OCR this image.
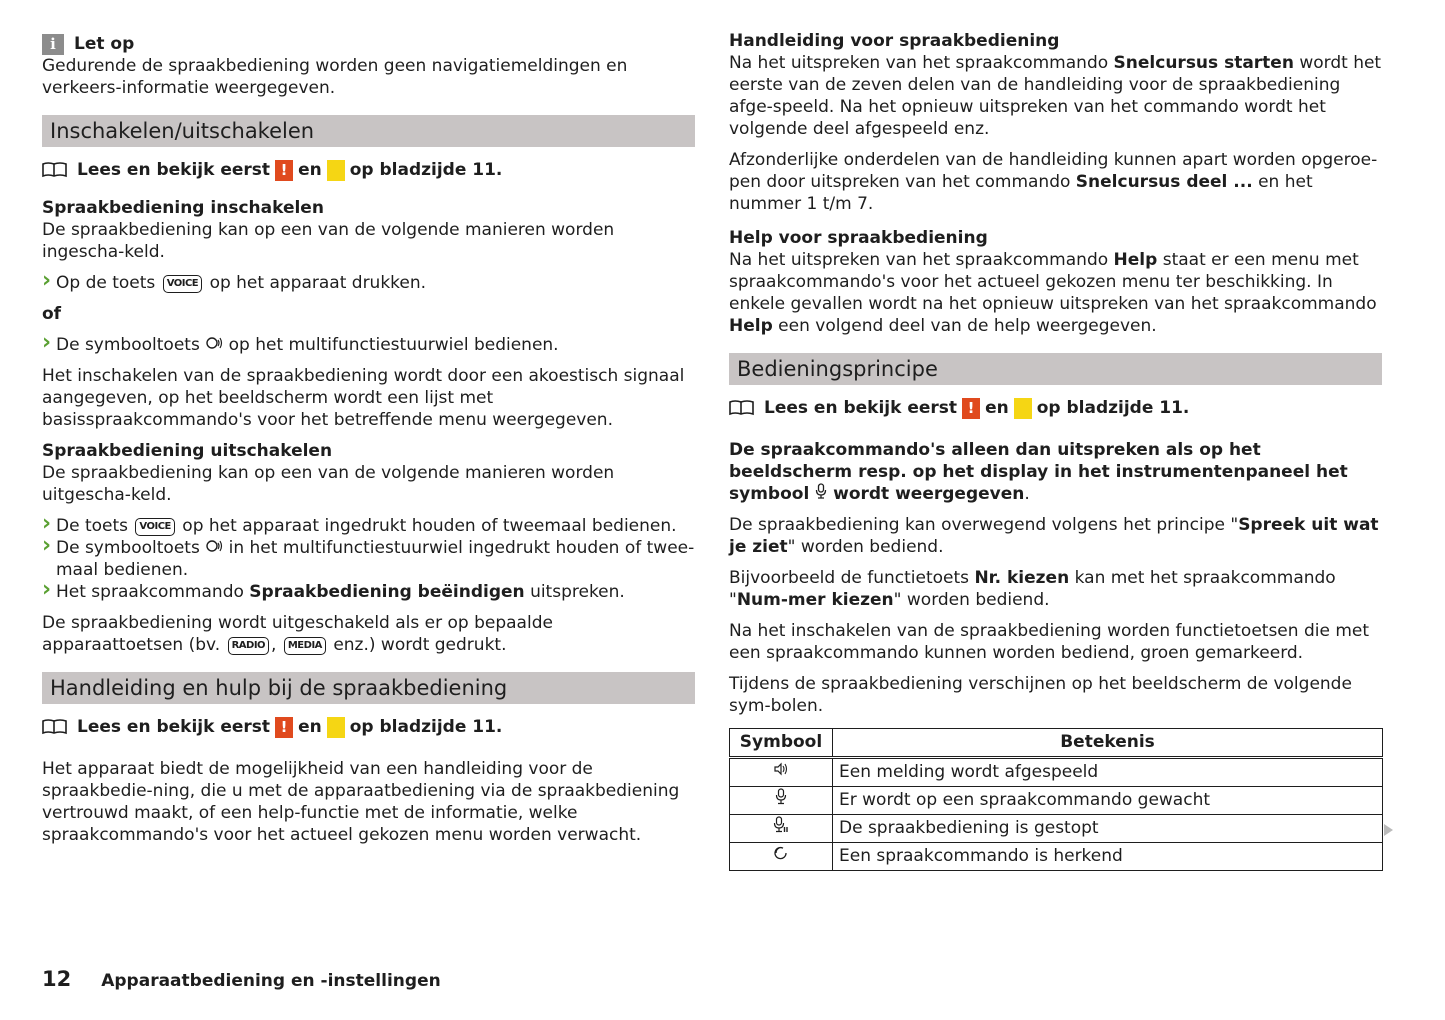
i	Let op

Gedurende de spraakbediening worden geen navigatiemeldingen en verkeers-informatie weergegeven.

Inschakelen/uitschakelen
Lees en bekijk eerst ! en ! op bladzijde 11.

Spraakbediening inschakelen

De spraakbediening kan op een van de volgende manieren worden ingescha-keld.

› Op de toets VOICE op het apparaat drukken.

of

› De symbooltoets op het multifunctiestuurwiel bedienen.

Het inschakelen van de spraakbediening wordt door een akoestisch signaal aangegeven, op het beeldscherm wordt een lijst met basisspraakcommando's voor het betreffende menu weergegeven.

Spraakbediening uitschakelen

De spraakbediening kan op een van de volgende manieren worden uitgescha-keld.

› De toets VOICE op het apparaat ingedrukt houden of tweemaal bedienen.

› De symbooltoets in het multifunctiestuurwiel ingedrukt houden of twee-maal bedienen.

› Het spraakcommando Spraakbediening beëindigen uitspreken.

De spraakbediening wordt uitgeschakeld als er op bepaalde apparaattoetsen (bv. RADIO , MEDIA enz.) wordt gedrukt.

Handleiding en hulp bij de spraakbediening
Lees en bekijk eerst ! en ! op bladzijde 11.

Het apparaat biedt de mogelijkheid van een handleiding voor de spraakbedie-ning, die u met de apparaatbediening via de spraakbediening vertrouwd maakt, of een help-functie met de informatie, welke spraakcommando's voor het actueel gekozen menu worden verwacht.

Handleiding voor spraakbediening

Na het uitspreken van het spraakcommando Snelcursus starten wordt het eerste van de zeven delen van de handleiding voor de spraakbediening afge-speeld. Na het opnieuw uitspreken van het commando wordt het volgende deel afgespeeld enz.

Afzonderlijke onderdelen van de handleiding kunnen apart worden opgeroe-pen door uitspreken van het commando Snelcursus deel ... en het nummer 1 t/m 7.

Help voor spraakbediening

Na het uitspreken van het spraakcommando Help staat er een menu met spraakcommando's voor het actueel gekozen menu ter beschikking. In enkele gevallen wordt na het opnieuw uitspreken van het spraakcommando Help een volgend deel van de help weergegeven.

Bedieningsprincipe
Lees en bekijk eerst ! en ! op bladzijde 11.

De spraakcommando's alleen dan uitspreken als op het beeldscherm resp. op het display in het instrumentenpaneel het symbool wordt weergegeven.

De spraakbediening kan overwegend volgens het principe "Spreek uit wat je ziet" worden bediend.

Bijvoorbeeld de functietoets Nr. kiezen kan met het spraakcommando "Num-mer kiezen" worden bediend.

Na het inschakelen van de spraakbediening worden functietoetsen die met een spraakcommando kunnen worden bediend, groen gemarkeerd.

Tijdens de spraakbediening verschijnen op het beeldscherm de volgende sym-bolen.

Symbool	Betekenis
	Een melding wordt afgespeeld
	Er wordt op een spraakcommando gewacht
	De spraakbediening is gestopt
	Een spraakcommando is herkend
12 Apparaatbediening en -instellingen
